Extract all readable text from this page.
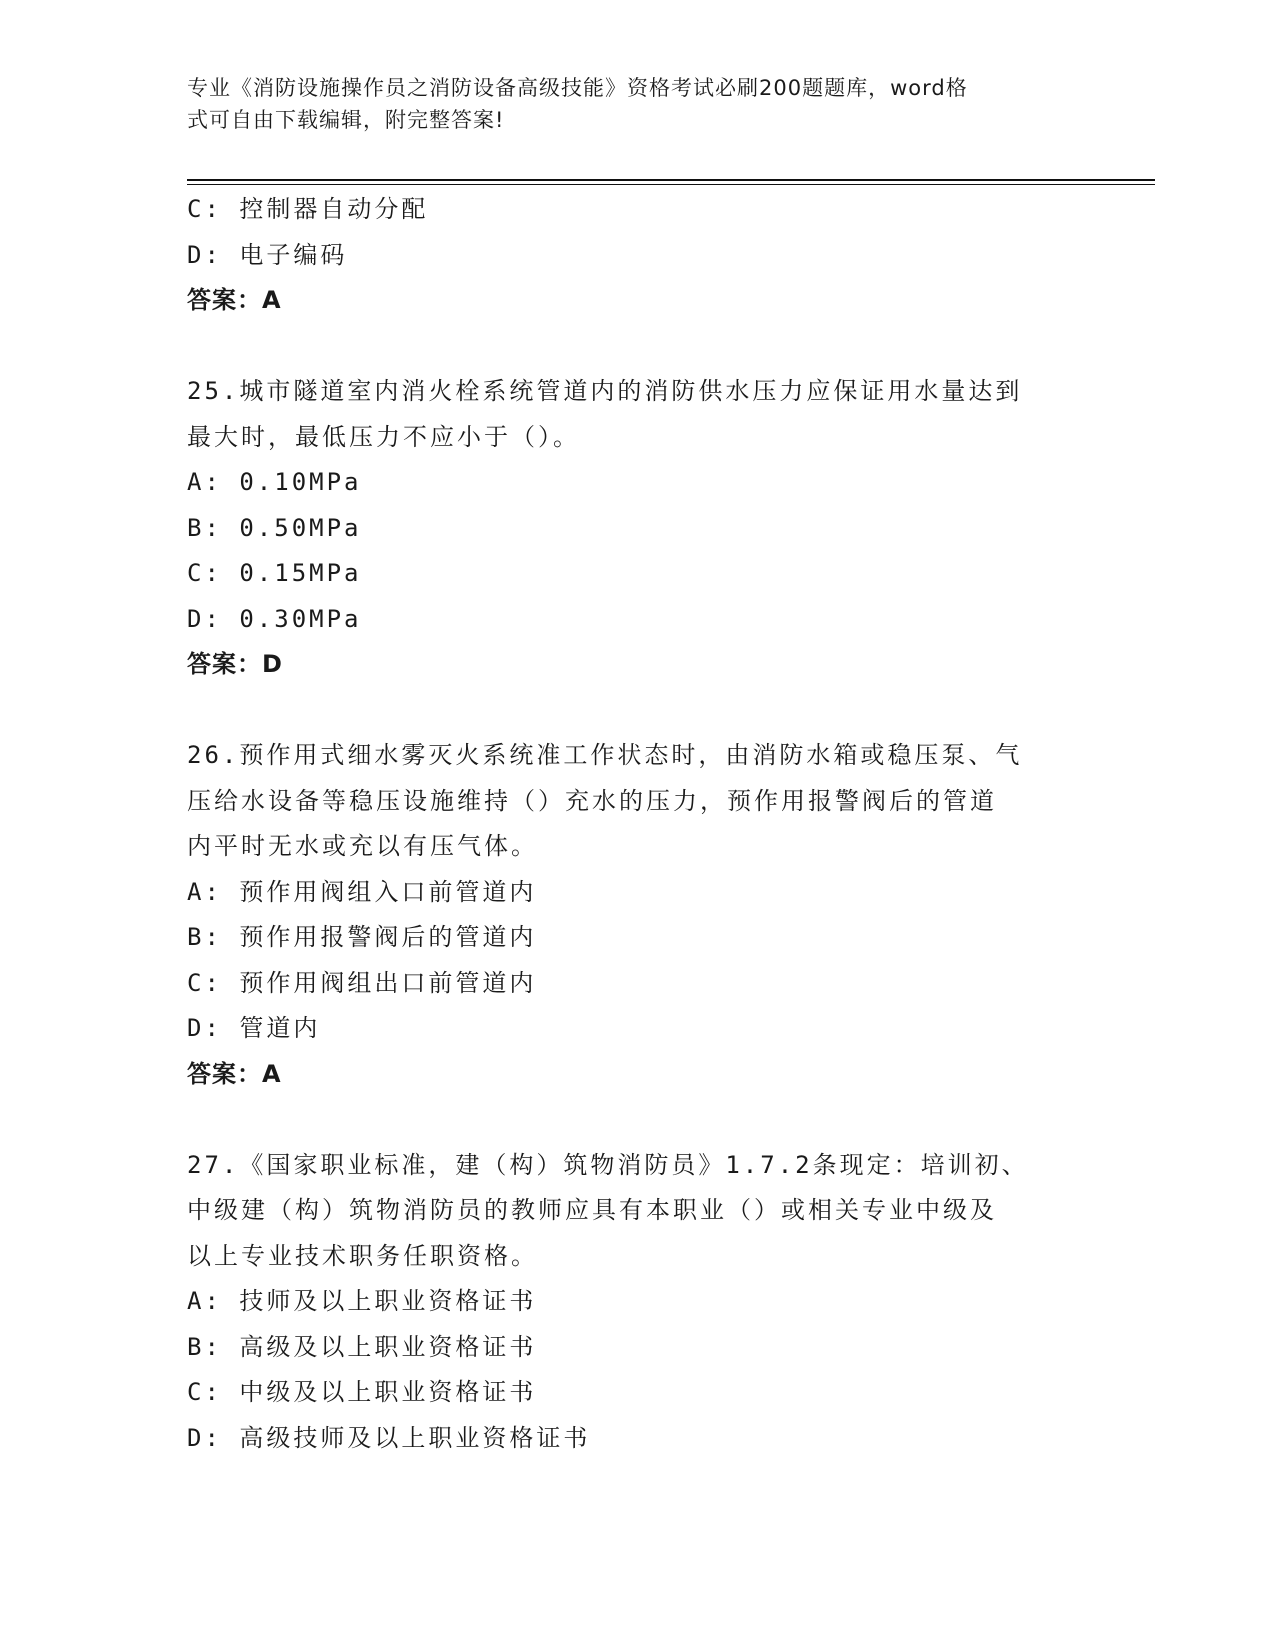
专业《消防设施操作员之消防设备高级技能》资格考试必刷200题题库，word格
式可自由下载编辑，附完整答案!
C: 控制器自动分配
D: 电子编码
答案：A
25.城市隧道室内消火栓系统管道内的消防供水压力应保证用水量达到
最大时，最低压力不应小于（）。
A: 0.10MPa
B: 0.50MPa
C: 0.15MPa
D: 0.30MPa
答案：D
26.预作用式细水雾灭火系统准工作状态时，由消防水箱或稳压泵、气
压给水设备等稳压设施维持（）充水的压力，预作用报警阀后的管道
内平时无水或充以有压气体。
A: 预作用阀组入口前管道内
B: 预作用报警阀后的管道内
C: 预作用阀组出口前管道内
D: 管道内
答案：A
27.《国家职业标准，建（构）筑物消防员》1.7.2条现定：培训初、
中级建（构）筑物消防员的教师应具有本职业（）或相关专业中级及
以上专业技术职务任职资格。
A: 技师及以上职业资格证书
B: 高级及以上职业资格证书
C: 中级及以上职业资格证书
D: 高级技师及以上职业资格证书
